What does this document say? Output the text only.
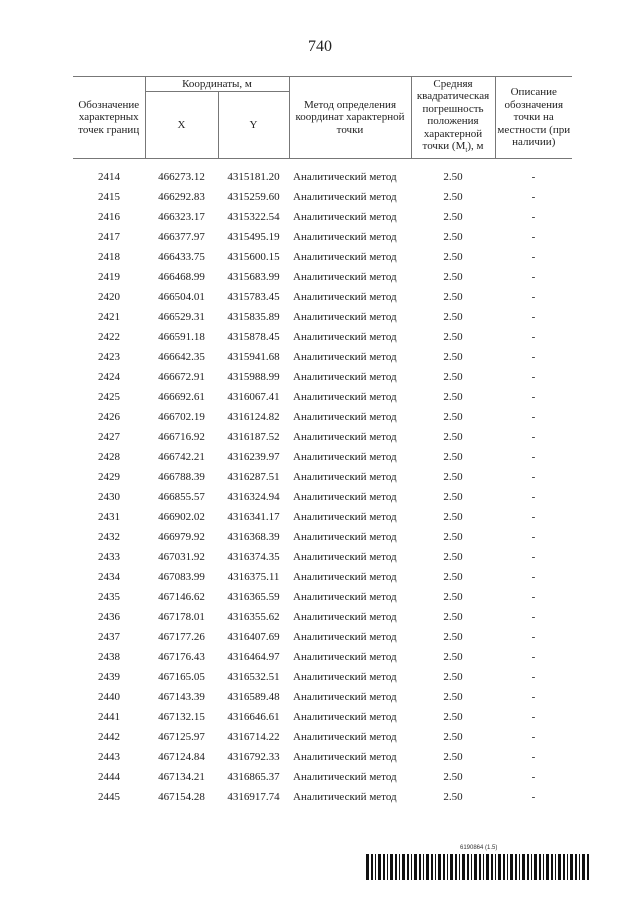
740
Обозначение характерных точек границ	Координаты, м		Метод определения координат характерной точки	Средняя квадратическая погрешность положения характерной точки $(M_t)$, м	Описание обозначения точки на местности (при наличии)
	X	Y			

2414	466273.12	4315181.20	Аналитический метод	2.50	-
2415	466292.83	4315259.60	Аналитический метод	2.50	-
2416	466323.17	4315322.54	Аналитический метод	2.50	-
2417	466377.97	4315495.19	Аналитический метод	2.50	-
2418	466433.75	4315600.15	Аналитический метод	2.50	-
2419	466468.99	4315683.99	Аналитический метод	2.50	-
2420	466504.01	4315783.45	Аналитический метод	2.50	-
2421	466529.31	4315835.89	Аналитический метод	2.50	-
2422	466591.18	4315878.45	Аналитический метод	2.50	-
2423	466642.35	4315941.68	Аналитический метод	2.50	-
2424	466672.91	4315988.99	Аналитический метод	2.50	-
2425	466692.61	4316067.41	Аналитический метод	2.50	-
2426	466702.19	4316124.82	Аналитический метод	2.50	-
2427	466716.92	4316187.52	Аналитический метод	2.50	-
2428	466742.21	4316239.97	Аналитический метод	2.50	-
2429	466788.39	4316287.51	Аналитический метод	2.50	-
2430	466855.57	4316324.94	Аналитический метод	2.50	-
2431	466902.02	4316341.17	Аналитический метод	2.50	-
2432	466979.92	4316368.39	Аналитический метод	2.50	-
2433	467031.92	4316374.35	Аналитический метод	2.50	-
2434	467083.99	4316375.11	Аналитический метод	2.50	-
2435	467146.62	4316365.59	Аналитический метод	2.50	-
2436	467178.01	4316355.62	Аналитический метод	2.50	-
2437	467177.26	4316407.69	Аналитический метод	2.50	-
2438	467176.43	4316464.97	Аналитический метод	2.50	-
2439	467165.05	4316532.51	Аналитический метод	2.50	-
2440	467143.39	4316589.48	Аналитический метод	2.50	-
2441	467132.15	4316646.61	Аналитический метод	2.50	-
2442	467125.97	4316714.22	Аналитический метод	2.50	-
2443	467124.84	4316792.33	Аналитический метод	2.50	-
2444	467134.21	4316865.37	Аналитический метод	2.50	-
2445	467154.28	4316917.74	Аналитический метод	2.50	-
6190864 (1.5)
